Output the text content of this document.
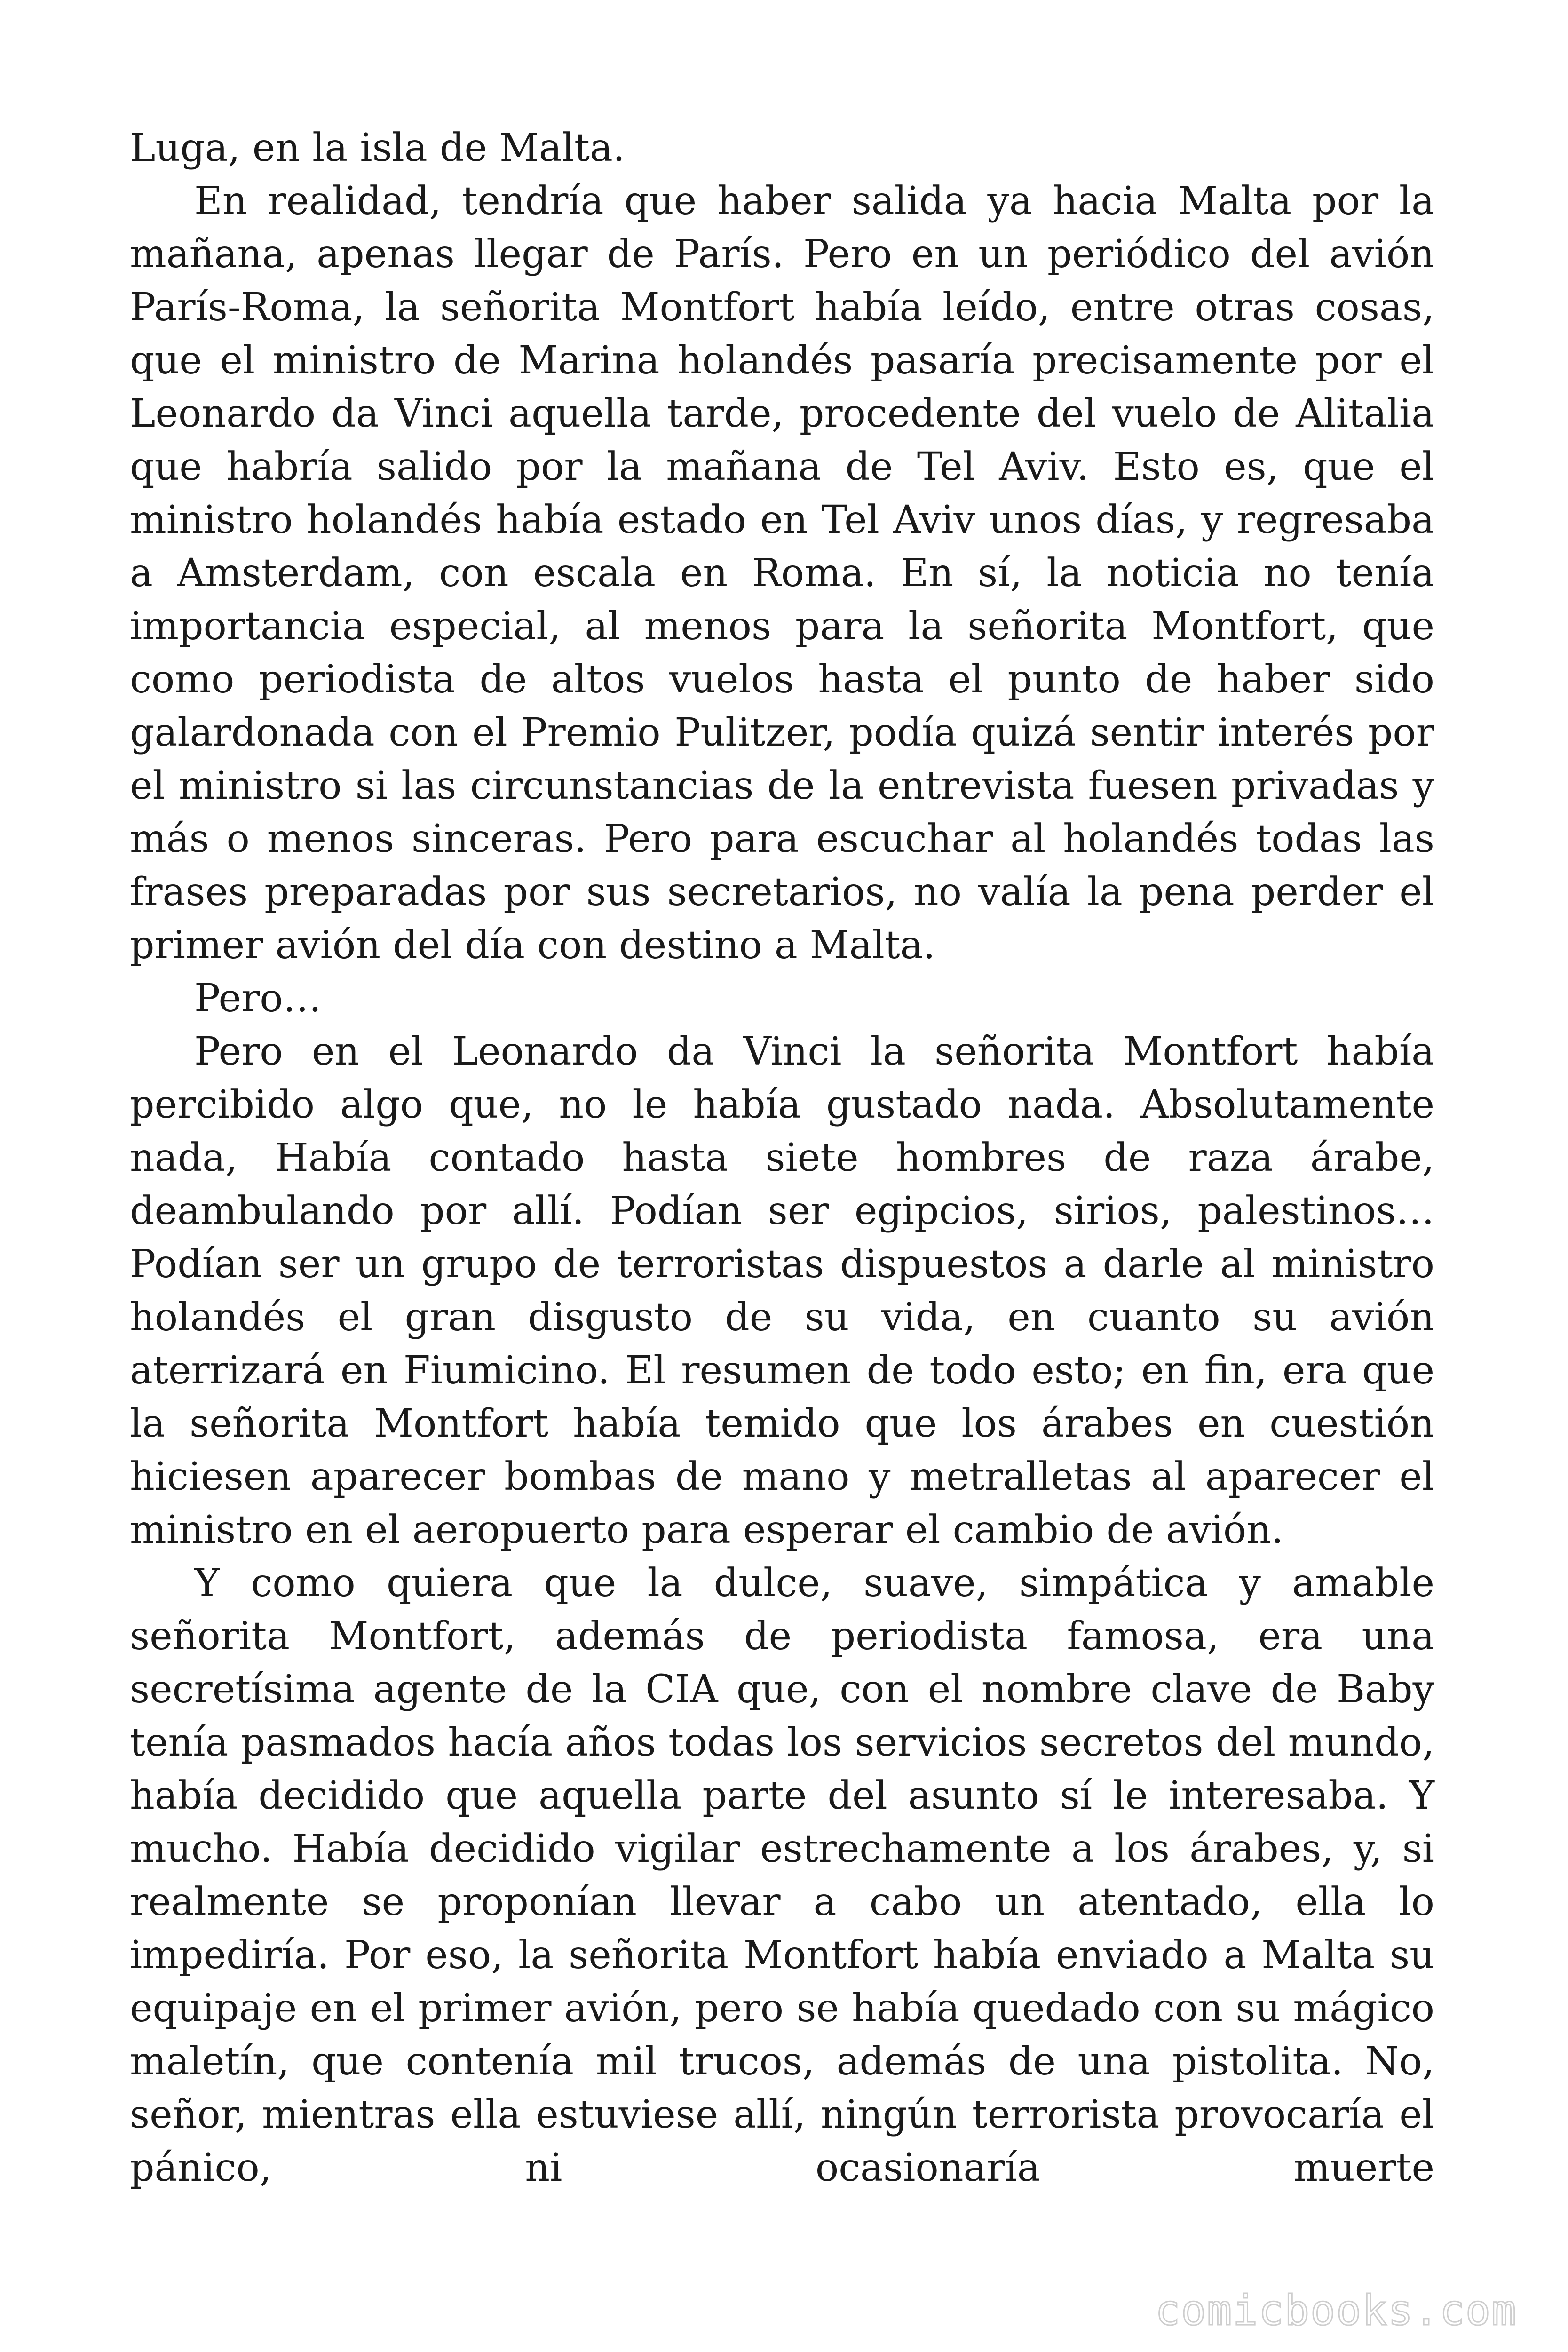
Luga, en la isla de Malta.

En realidad, tendría que haber salida ya hacia Malta por la mañana, apenas llegar de París. Pero en un periódico del avión París-Roma, la señorita Montfort había leído, entre otras cosas, que el ministro de Marina holandés pasaría precisamente por el Leonardo da Vinci aquella tarde, procedente del vuelo de Alitalia que habría salido por la mañana de Tel Aviv. Esto es, que el ministro holandés había estado en Tel Aviv unos días, y regresaba a Amsterdam, con escala en Roma. En sí, la noticia no tenía importancia especial, al menos para la señorita Montfort, que como periodista de altos vuelos hasta el punto de haber sido galardonada con el Premio Pulitzer, podía quizá sentir interés por el ministro si las circunstancias de la entrevista fuesen privadas y más o menos sinceras. Pero para escuchar al holandés todas las frases preparadas por sus secretarios, no valía la pena perder el primer avión del día con destino a Malta.

Pero…

Pero en el Leonardo da Vinci la señorita Montfort había percibido algo que, no le había gustado nada. Absolutamente nada, Había contado hasta siete hombres de raza árabe, deambulando por allí. Podían ser egipcios, sirios, palestinos… Podían ser un grupo de terroristas dispuestos a darle al ministro holandés el gran disgusto de su vida, en cuanto su avión aterrizará en Fiumicino. El resumen de todo esto; en fin, era que la señorita Montfort había temido que los árabes en cuestión hiciesen aparecer bombas de mano y metralletas al aparecer el ministro en el aeropuerto para esperar el cambio de avión.

Y como quiera que la dulce, suave, simpática y amable señorita Montfort, además de periodista famosa, era una secretísima agente de la CIA que, con el nombre clave de Baby tenía pasmados hacía años todas los servicios secretos del mundo, había decidido que aquella parte del asunto sí le interesaba. Y mucho. Había decidido vigilar estrechamente a los árabes, y, si realmente se proponían llevar a cabo un atentado, ella lo impediría. Por eso, la señorita Montfort había enviado a Malta su equipaje en el primer avión, pero se había quedado con su mágico maletín, que contenía mil trucos, además de una pistolita. No, señor, mientras ella estuviese allí, ningún terrorista provocaría el pánico, ni ocasionaría muerte

comicbooks.com
